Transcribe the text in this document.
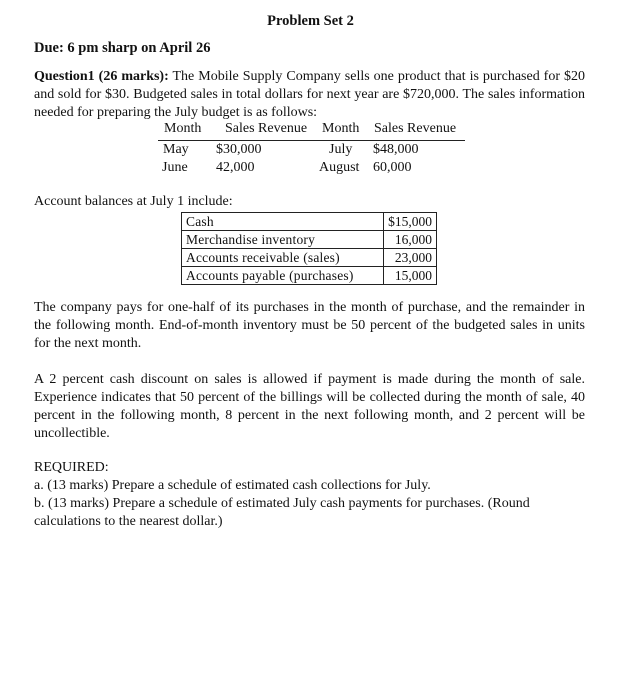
Problem Set 2
Due: 6 pm sharp on April 26
Question1 (26 marks): The Mobile Supply Company sells one product that is purchased for $20 and sold for $30. Budgeted sales in total dollars for next year are $720,000. The sales information needed for preparing the July budget is as follows:
Month Sales Revenue Month Sales Revenue
May $30,000	July $48,000
June 42,000	August 60,000
Account balances at July 1 include:
Cash	$15,000
Merchandise inventory	16,000
Accounts receivable (sales)	23,000
Accounts payable (purchases)	15,000
The company pays for one-half of its purchases in the month of purchase, and the remainder in the following month. End-of-month inventory must be 50 percent of the budgeted sales in units for the next month.
A 2 percent cash discount on sales is allowed if payment is made during the month of sale. Experience indicates that 50 percent of the billings will be collected during the month of sale, 40 percent in the following month, 8 percent in the next following month, and 2 percent will be uncollectible.
REQUIRED:
a. (13 marks) Prepare a schedule of estimated cash collections for July.
b. (13 marks) Prepare a schedule of estimated July cash payments for purchases. (Round calculations to the nearest dollar.)
